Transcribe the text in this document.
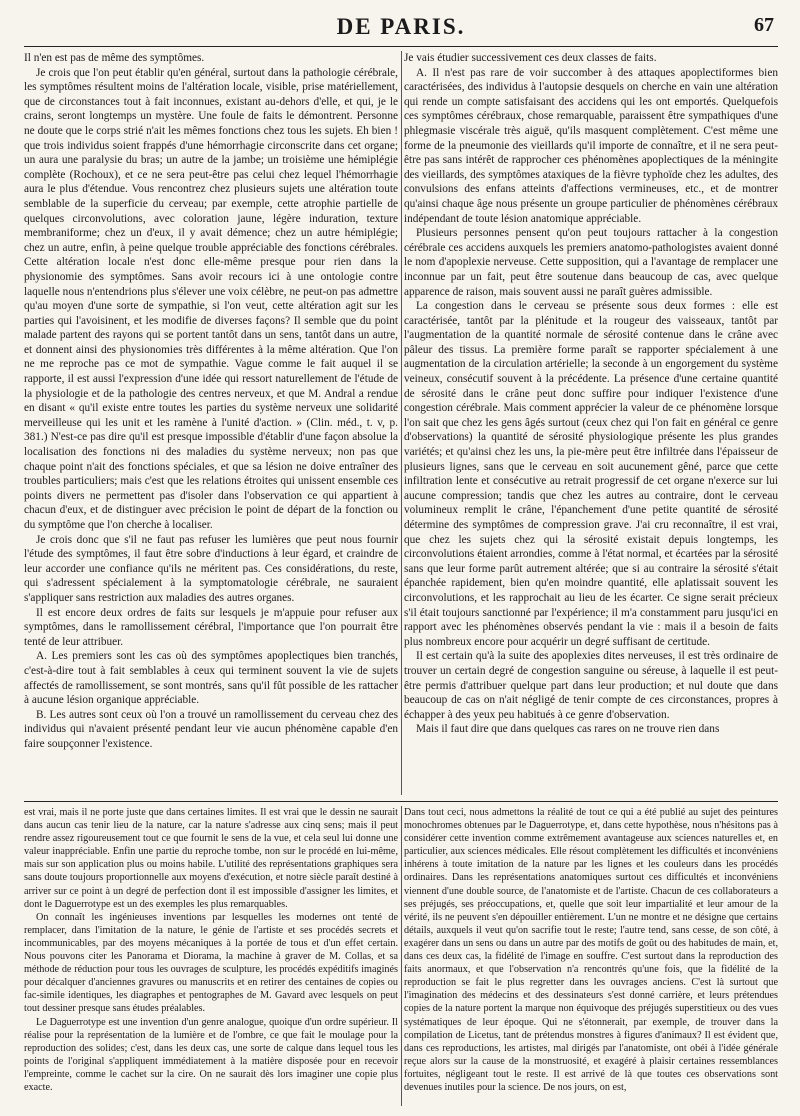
DE PARIS.	67

Il n'en est pas de même des symptômes.

Je crois que l'on peut établir qu'en général, surtout dans la pathologie cérébrale, les symptômes résultent moins de l'altération locale, visible, prise matériellement, que de circonstances tout à fait inconnues, existant au-dehors d'elle, et qui, je le crains, seront longtemps un mystère. Une foule de faits le démontrent. Personne ne doute que le corps strié n'ait les mêmes fonctions chez tous les sujets. Eh bien ! que trois individus soient frappés d'une hémorrhagie circonscrite dans cet organe; un aura une paralysie du bras; un autre de la jambe; un troisième une hémiplégie complète (Rochoux), et ce ne sera peut-être pas celui chez lequel l'hémorrhagie aura le plus d'étendue. Vous rencontrez chez plusieurs sujets une altération toute semblable de la superficie du cerveau; par exemple, cette atrophie partielle de quelques circonvolutions, avec coloration jaune, légère induration, texture membraniforme; chez un d'eux, il y avait démence; chez un autre hémiplégie; chez un autre, enfin, à peine quelque trouble appréciable des fonctions cérébrales. Cette altération locale n'est donc elle-même presque pour rien dans la physionomie des symptômes. Sans avoir recours ici à une ontologie contre laquelle nous n'entendrions plus s'élever une voix célèbre, ne peut-on pas admettre qu'au moyen d'une sorte de sympathie, si l'on veut, cette altération agit sur les parties qui l'avoisinent, et les modifie de diverses façons? Il semble que du point malade partent des rayons qui se portent tantôt dans un sens, tantôt dans un autre, et donnent ainsi des physionomies très différentes à la même altération. Que l'on ne me reproche pas ce mot de sympathie. Vague comme le fait auquel il se rapporte, il est aussi l'expression d'une idée qui ressort naturellement de l'étude de la physiologie et de la pathologie des centres nerveux, et que M. Andral a rendue en disant « qu'il existe entre toutes les parties du système nerveux une solidarité merveilleuse qui les unit et les ramène à l'unité d'action. » (Clin. méd., t. v, p. 381.) N'est-ce pas dire qu'il est presque impossible d'établir d'une façon absolue la localisation des fonctions ni des maladies du système nerveux; non pas que chaque point n'ait des fonctions spéciales, et que sa lésion ne doive entraîner des troubles particuliers; mais c'est que les relations étroites qui unissent ensemble ces points divers ne permettent pas d'isoler dans l'observation ce qui appartient à chacun d'eux, et de distinguer avec précision le point de départ de la fonction ou du symptôme que l'on cherche à localiser.

Je crois donc que s'il ne faut pas refuser les lumières que peut nous fournir l'étude des symptômes, il faut être sobre d'inductions à leur égard, et craindre de leur accorder une confiance qu'ils ne méritent pas. Ces considérations, du reste, qui s'adressent spécialement à la symptomatologie cérébrale, ne sauraient s'appliquer sans restriction aux maladies des autres organes.

Il est encore deux ordres de faits sur lesquels je m'appuie pour refuser aux symptômes, dans le ramollissement cérébral, l'importance que l'on pourrait être tenté de leur attribuer.

A. Les premiers sont les cas où des symptômes apoplectiques bien tranchés, c'est-à-dire tout à fait semblables à ceux qui terminent souvent la vie de sujets affectés de ramollissement, se sont montrés, sans qu'il fût possible de les rattacher à aucune lésion organique appréciable.

B. Les autres sont ceux où l'on a trouvé un ramollissement du cerveau chez des individus qui n'avaient présenté pendant leur vie aucun phénomène capable d'en faire soupçonner l'existence.

Je vais étudier successivement ces deux classes de faits.

A. Il n'est pas rare de voir succomber à des attaques apoplectiformes bien caractérisées, des individus à l'autopsie desquels on cherche en vain une altération qui rende un compte satisfaisant des accidens qui les ont emportés. Quelquefois ces symptômes cérébraux, chose remarquable, paraissent être sympathiques d'une phlegmasie viscérale très aiguë, qu'ils masquent complètement. C'est même une forme de la pneumonie des vieillards qu'il importe de connaître, et il ne sera peut-être pas sans intérêt de rapprocher ces phénomènes apoplectiques de la méningite des vieillards, des symptômes ataxiques de la fièvre typhoïde chez les adultes, des convulsions des enfans atteints d'affections vermineuses, etc., et de montrer qu'ainsi chaque âge nous présente un groupe particulier de phénomènes cérébraux indépendant de toute lésion anatomique appréciable.

Plusieurs personnes pensent qu'on peut toujours rattacher à la congestion cérébrale ces accidens auxquels les premiers anatomo-pathologistes avaient donné le nom d'apoplexie nerveuse. Cette supposition, qui a l'avantage de remplacer une inconnue par un fait, peut être soutenue dans beaucoup de cas, avec quelque apparence de raison, mais souvent aussi ne paraît guères admissible.

La congestion dans le cerveau se présente sous deux formes : elle est caractérisée, tantôt par la plénitude et la rougeur des vaisseaux, tantôt par l'augmentation de la quantité normale de sérosité contenue dans le crâne avec pâleur des tissus. La première forme paraît se rapporter spécialement à une augmentation de la circulation artérielle; la seconde à un engorgement du système veineux, consécutif souvent à la précédente. La présence d'une certaine quantité de sérosité dans le crâne peut donc suffire pour indiquer l'existence d'une congestion cérébrale. Mais comment apprécier la valeur de ce phénomène lorsque l'on sait que chez les gens âgés surtout (ceux chez qui l'on fait en général ce genre d'observations) la quantité de sérosité physiologique présente les plus grandes variétés; et qu'ainsi chez les uns, la pie-mère peut être infiltrée dans l'épaisseur de plusieurs lignes, sans que le cerveau en soit aucunement gêné, parce que cette infiltration lente et consécutive au retrait progressif de cet organe n'exerce sur lui aucune compression; tandis que chez les autres au contraire, dont le cerveau volumineux remplit le crâne, l'épanchement d'une petite quantité de sérosité détermine des symptômes de compression grave. J'ai cru reconnaître, il est vrai, que chez les sujets chez qui la sérosité existait depuis longtemps, les circonvolutions étaient arrondies, comme à l'état normal, et écartées par la sérosité sans que leur forme parût autrement altérée; que si au contraire la sérosité s'était épanchée rapidement, bien qu'en moindre quantité, elle aplatissait souvent les circonvolutions, et les rapprochait au lieu de les écarter. Ce signe serait précieux s'il était toujours sanctionné par l'expérience; il m'a constamment paru jusqu'ici en rapport avec les phénomènes observés pendant la vie : mais il a besoin de faits plus nombreux encore pour acquérir un degré suffisant de certitude.

Il est certain qu'à la suite des apoplexies dites nerveuses, il est très ordinaire de trouver un certain degré de congestion sanguine ou séreuse, à laquelle il est peut-être permis d'attribuer quelque part dans leur production; et nul doute que dans beaucoup de cas on n'ait négligé de tenir compte de ces circonstances, propres à échapper à des yeux peu habitués à ce genre d'observation.

Mais il faut dire que dans quelques cas rares on ne trouve rien dans

est vrai, mais il ne porte juste que dans certaines limites. Il est vrai que le dessin ne saurait dans aucun cas tenir lieu de la nature, car la nature s'adresse aux cinq sens; mais il peut rendre assez rigoureusement tout ce que fournit le sens de la vue, et cela seul lui donne une valeur inappréciable. Enfin une partie du reproche tombe, non sur le procédé en lui-même, mais sur son application plus ou moins habile. L'utilité des représentations graphiques sera sans doute toujours proportionnelle aux moyens d'exécution, et notre siècle paraît destiné à arriver sur ce point à un degré de perfection dont il est impossible d'assigner les limites, et dont le Daguerrotype est un des exemples les plus remarquables.

On connaît les ingénieuses inventions par lesquelles les modernes ont tenté de remplacer, dans l'imitation de la nature, le génie de l'artiste et ses procédés secrets et incommunicables, par des moyens mécaniques à la portée de tous et d'un effet certain. Nous pouvons citer les Panorama et Diorama, la machine à graver de M. Collas, et sa méthode de réduction pour tous les ouvrages de sculpture, les procédés expéditifs imaginés pour décalquer d'anciennes gravures ou manuscrits et en retirer des centaines de copies ou fac-simile identiques, les diagraphes et pentographes de M. Gavard avec lesquels on peut tout dessiner presque sans études préalables.

Le Daguerrotype est une invention d'un genre analogue, quoique d'un ordre supérieur. Il réalise pour la représentation de la lumière et de l'ombre, ce que fait le moulage pour la reproduction des solides; c'est, dans les deux cas, une sorte de calque dans lequel tous les points de l'original s'appliquent immédiatement à la matière disposée pour en recevoir l'empreinte, comme le cachet sur la cire. On ne saurait dès lors imaginer une copie plus exacte.

Dans tout ceci, nous admettons la réalité de tout ce qui a été publié au sujet des peintures monochromes obtenues par le Daguerrotype, et, dans cette hypothèse, nous n'hésitons pas à considérer cette invention comme extrêmement avantageuse aux sciences naturelles et, en particulier, aux sciences médicales. Elle résout complètement les difficultés et inconvéniens inhérens à toute imitation de la nature par les lignes et les couleurs dans les procédés ordinaires. Dans les représentations anatomiques surtout ces difficultés et inconvéniens viennent d'une double source, de l'anatomiste et de l'artiste. Chacun de ces collaborateurs a ses préjugés, ses préoccupations, et, quelle que soit leur impartialité et leur amour de la vérité, ils ne peuvent s'en dépouiller entièrement. L'un ne montre et ne désigne que certains détails, auxquels il veut qu'on sacrifie tout le reste; l'autre tend, sans cesse, de son côté, à exagérer dans un sens ou dans un autre par des motifs de goût ou des habitudes de main, et, dans ces deux cas, la fidélité de l'image en souffre. C'est surtout dans la reproduction des faits anormaux, et que l'observation n'a rencontrés qu'une fois, que la fidélité de la reproduction se fait le plus regretter dans les ouvrages anciens. C'est là surtout que l'imagination des médecins et des dessinateurs s'est donné carrière, et leurs prétendues copies de la nature portent la marque non équivoque des préjugés superstitieux ou des vues systématiques de leur époque. Qui ne s'étonnerait, par exemple, de trouver dans la compilation de Licetus, tant de prétendus monstres à figures d'animaux? Il est évident que, dans ces reproductions, les artistes, mal dirigés par l'anatomiste, ont obéi à l'idée générale reçue alors sur la cause de la monstruosité, et exagéré à plaisir certaines ressemblances fortuites, négligeant tout le reste. Il est arrivé de là que toutes ces observations sont devenues inutiles pour la science. De nos jours, on est,
